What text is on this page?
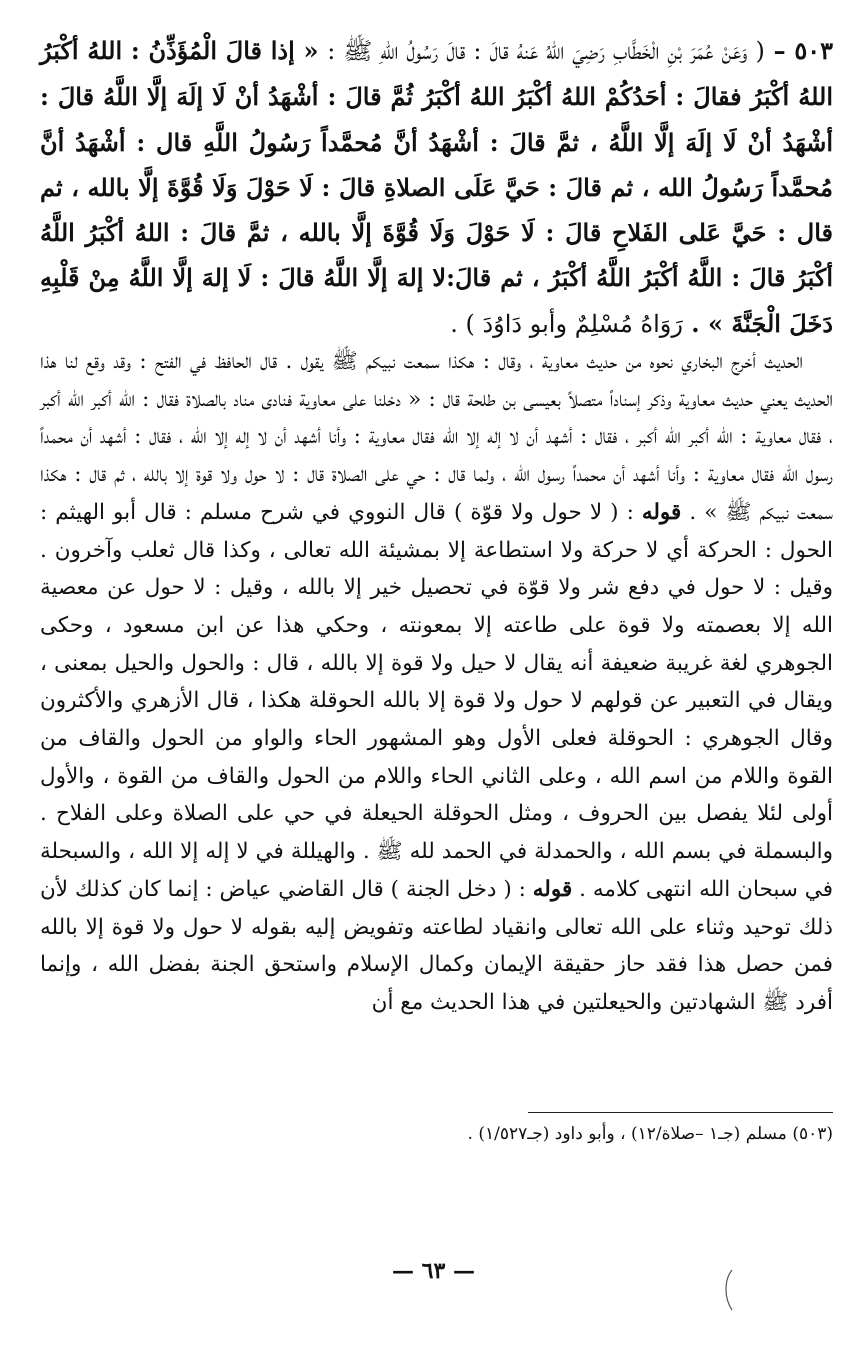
٥٠٣ – ( وَعَنْ عُمَرَ بْنِ الْخَطَّابِ رَضِيَ اللهُ عَنهُ قالَ : قالَ رَسُولُ اللهِ ﷺ : « إذا قالَ الْمُؤَذِّنُ : اللهُ أكْبَرُ اللهُ أكْبَرُ فقالَ : أحَدُكُمْ اللهُ أكْبَرُ اللهُ أكْبَرُ ثُمَّ قالَ : أشْهَدُ أنْ لَا إلَهَ إلَّا اللَّهُ قالَ : أشْهَدُ أنْ لَا إلَهَ إلَّا اللَّهُ ، ثمَّ قالَ : أشْهَدُ أنَّ مُحمَّداً رَسُولُ اللَّهِ قال : أشْهَدُ أنَّ مُحمَّداً رَسُولُ الله ، ثم قالَ : حَيَّ عَلَى الصلاةِ قالَ : لَا حَوْلَ وَلَا قُوَّةَ إلَّا بالله ، ثم قال : حَيَّ عَلى الفَلاحِ قالَ : لَا حَوْلَ وَلَا قُوَّةَ إلَّا بالله ، ثمَّ قالَ : اللهُ أكْبَرُ اللَّهُ أكْبَرُ قالَ : اللَّهُ أكْبَرُ اللَّهُ أكْبَرُ ، ثم قالَ:لا إلهَ إلَّا اللَّهُ قالَ : لَا إلهَ إلَّا اللَّهُ مِنْ قَلْبِهِ دَخَلَ الْجَنَّةَ » . رَوَاهُ مُسْلِمٌ وأبو دَاوُدَ ) .

الحديث أخرج البخاري نحوه من حديث معاوية ، وقال : هكذا سمعت نبيكم ﷺ يقول . قال الحافظ في الفتح : وقد وقع لنا هذا الحديث يعني حديث معاوية وذكر إسناداً متصلاً بعيسى بن طلحة قال : « دخلنا على معاوية فنادى مناد بالصلاة فقال : الله أكبر الله أكبر ، فقال معاوية : الله أكبر الله أكبر ، فقال : أشهد أن لا إله إلا الله فقال معاوية : وأنا أشهد أن لا إله إلا الله ، فقال : أشهد أن محمداً رسول الله فقال معاوية : وأنا أشهد أن محمداً رسول الله ، ولما قال : حي على الصلاة قال : لا حول ولا قوة إلا بالله ، ثم قال : هكذا سمعت نبيكم ﷺ » . قوله : ( لا حول ولا قوّة ) قال النووي في شرح مسلم : قال أبو الهيثم : الحول : الحركة أي لا حركة ولا استطاعة إلا بمشيئة الله تعالى ، وكذا قال ثعلب وآخرون . وقيل : لا حول في دفع شر ولا قوّة في تحصيل خير إلا بالله ، وقيل : لا حول عن معصية الله إلا بعصمته ولا قوة على طاعته إلا بمعونته ، وحكي هذا عن ابن مسعود ، وحكى الجوهري لغة غريبة ضعيفة أنه يقال لا حيل ولا قوة إلا بالله ، قال : والحول والحيل بمعنى ، ويقال في التعبير عن قولهم لا حول ولا قوة إلا بالله الحوقلة هكذا ، قال الأزهري والأكثرون وقال الجوهري : الحوقلة فعلى الأول وهو المشهور الحاء والواو من الحول والقاف من القوة واللام من اسم الله ، وعلى الثاني الحاء واللام من الحول والقاف من القوة ، والأول أولى لئلا يفصل بين الحروف ، ومثل الحوقلة الحيعلة في حي على الصلاة وعلى الفلاح . والبسملة في بسم الله ، والحمدلة في الحمد لله ﷺ . والهيللة في لا إله إلا الله ، والسبحلة في سبحان الله انتهى كلامه . قوله : ( دخل الجنة ) قال القاضي عياض : إنما كان كذلك لأن ذلك توحيد وثناء على الله تعالى وانقياد لطاعته وتفويض إليه بقوله لا حول ولا قوة إلا بالله فمن حصل هذا فقد حاز حقيقة الإيمان وكمال الإسلام واستحق الجنة بفضل الله ، وإنما أفرد ﷺ الشهادتين والحيعلتين في هذا الحديث مع أن

(٥٠٣) مسلم (جـ١ –صلاة/١٢) ، وأبو داود (جـ١/٥٢٧) .
— ٦٣ —
